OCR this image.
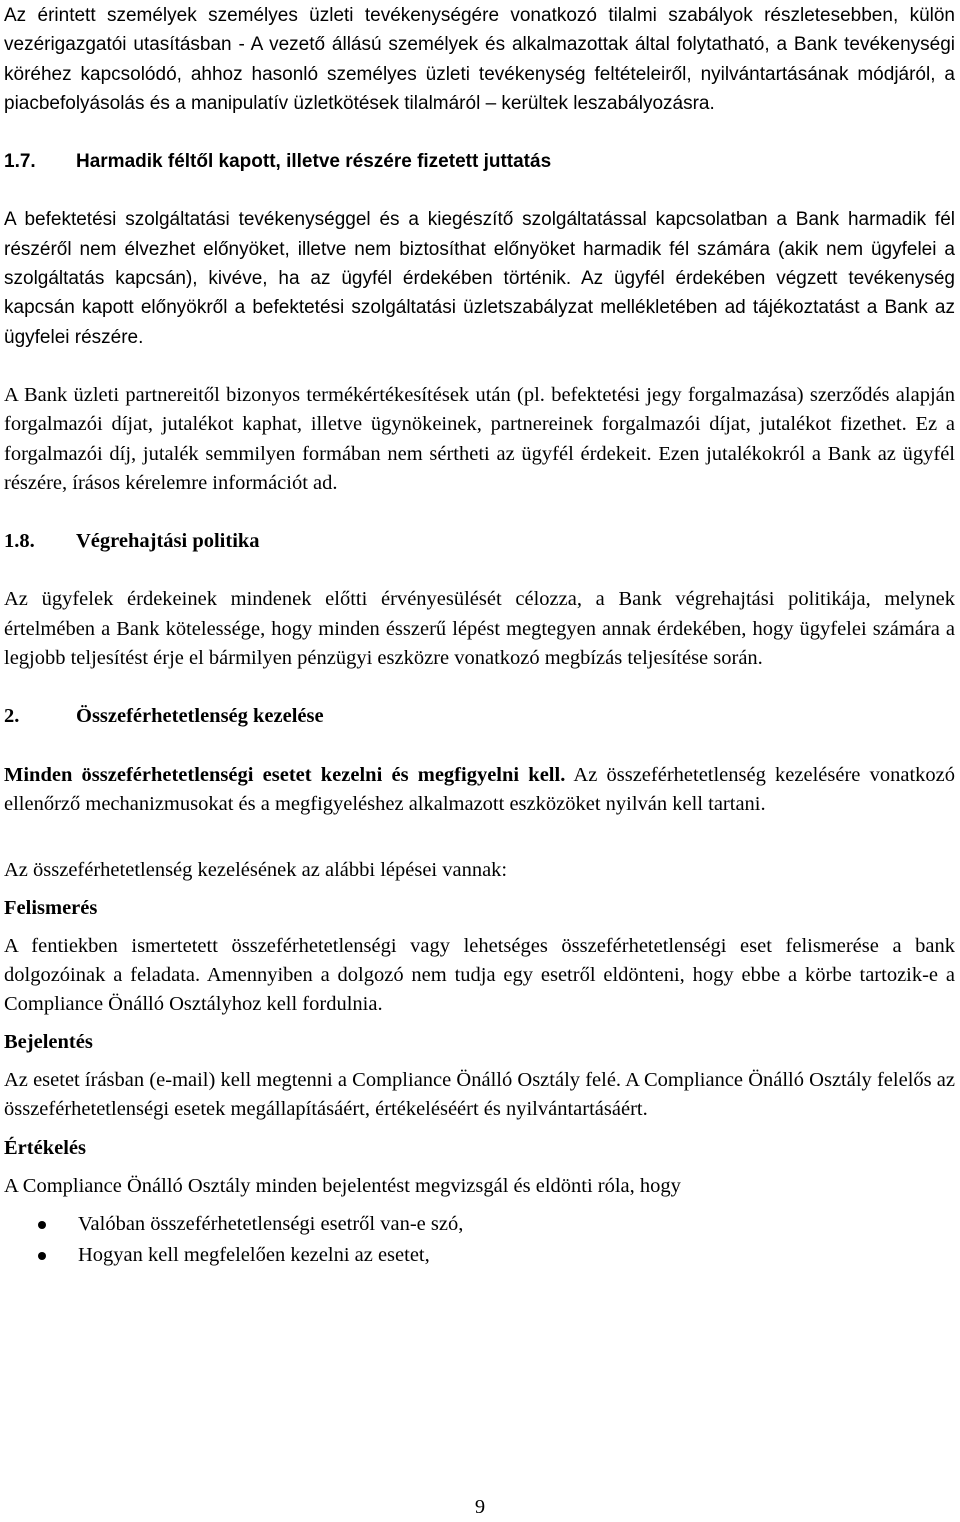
Az érintett személyek személyes üzleti tevékenységére vonatkozó tilalmi szabályok részletesebben, külön vezérigazgatói utasításban - A vezető állású személyek és alkalmazottak által folytatható, a Bank tevékenységi köréhez kapcsolódó, ahhoz hasonló személyes üzleti tevékenység feltételeiről, nyilvántartásának módjáról, a piacbefolyásolás és a manipulatív üzletkötések tilalmáról – kerültek leszabályozásra.

1.7. Harmadik féltől kapott, illetve részére fizetett juttatás

A befektetési szolgáltatási tevékenységgel és a kiegészítő szolgáltatással kapcsolatban a Bank harmadik fél részéről nem élvezhet előnyöket, illetve nem biztosíthat előnyöket harmadik fél számára (akik nem ügyfelei a szolgáltatás kapcsán), kivéve, ha az ügyfél érdekében történik. Az ügyfél érdekében végzett tevékenység kapcsán kapott előnyökről a befektetési szolgáltatási üzletszabályzat mellékletében ad tájékoztatást a Bank az ügyfelei részére.

A Bank üzleti partnereitől bizonyos termékértékesítések után (pl. befektetési jegy forgalmazása) szerződés alapján forgalmazói díjat, jutalékot kaphat, illetve ügynökeinek, partnereinek forgalmazói díjat, jutalékot fizethet. Ez a forgalmazói díj, jutalék semmilyen formában nem sértheti az ügyfél érdekeit. Ezen jutalékokról a Bank az ügyfél részére, írásos kérelemre információt ad.

1.8. Végrehajtási politika

Az ügyfelek érdekeinek mindenek előtti érvényesülését célozza, a Bank végrehajtási politikája, melynek értelmében a Bank kötelessége, hogy minden ésszerű lépést megtegyen annak érdekében, hogy ügyfelei számára a legjobb teljesítést érje el bármilyen pénzügyi eszközre vonatkozó megbízás teljesítése során.

2.	Összeférhetetlenség kezelése

Minden összeférhetetlenségi esetet kezelni és megfigyelni kell. Az összeférhetetlenség kezelésére vonatkozó ellenőrző mechanizmusokat és a megfigyeléshez alkalmazott eszközöket nyilván kell tartani.

Az összeférhetetlenség kezelésének az alábbi lépései vannak:

Felismerés

A fentiekben ismertetett összeférhetetlenségi vagy lehetséges összeférhetetlenségi eset felismerése a bank dolgozóinak a feladata. Amennyiben a dolgozó nem tudja egy esetről eldönteni, hogy ebbe a körbe tartozik-e a Compliance Önálló Osztályhoz kell fordulnia.

Bejelentés

Az esetet írásban (e-mail) kell megtenni a Compliance Önálló Osztály felé. A Compliance Önálló Osztály felelős az összeférhetetlenségi esetek megállapításáért, értékeléséért és nyilvántartásáért.

Értékelés

A Compliance Önálló Osztály minden bejelentést megvizsgál és eldönti róla, hogy

Valóban összeférhetetlenségi esetről van-e szó,
Hogyan kell megfelelően kezelni az esetet,
9
